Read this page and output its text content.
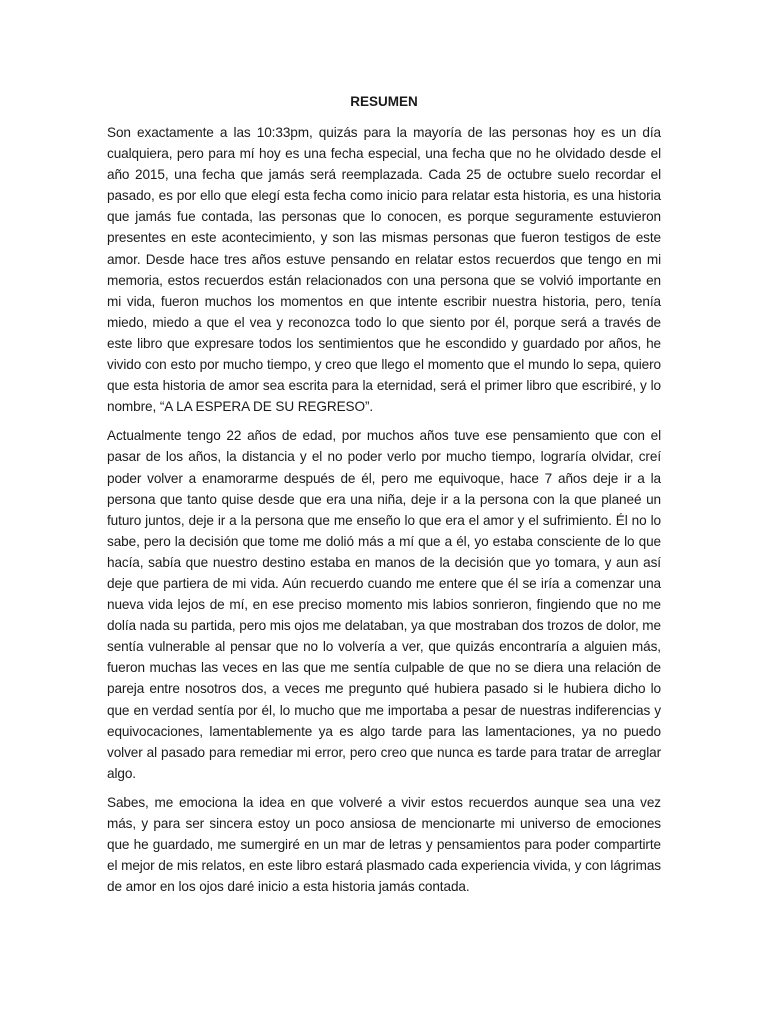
RESUMEN

Son exactamente a las 10:33pm, quizás para la mayoría de las personas hoy es un día cualquiera, pero para mí hoy es una fecha especial, una fecha que no he olvidado desde el año 2015, una fecha que jamás será reemplazada. Cada 25 de octubre suelo recordar el pasado, es por ello que elegí esta fecha como inicio para relatar esta historia, es una historia que jamás fue contada, las personas que lo conocen, es porque seguramente estuvieron presentes en este acontecimiento, y son las mismas personas que fueron testigos de este amor. Desde hace tres años estuve pensando en relatar estos recuerdos que tengo en mi memoria, estos recuerdos están relacionados con una persona que se volvió importante en mi vida, fueron muchos los momentos en que intente escribir nuestra historia, pero, tenía miedo, miedo a que el vea y reconozca todo lo que siento por él, porque será a través de este libro que expresare todos los sentimientos que he escondido y guardado por años, he vivido con esto por mucho tiempo, y creo que llego el momento que el mundo lo sepa, quiero que esta historia de amor sea escrita para la eternidad, será el primer libro que escribiré, y lo nombre, “A LA ESPERA DE SU REGRESO”.

Actualmente tengo 22 años de edad, por muchos años tuve ese pensamiento que con el pasar de los años, la distancia y el no poder verlo por mucho tiempo, lograría olvidar, creí poder volver a enamorarme después de él, pero me equivoque, hace 7 años deje ir a la persona que tanto quise desde que era una niña, deje ir a la persona con la que planeé un futuro juntos, deje ir a la persona que me enseño lo que era el amor y el sufrimiento. Él no lo sabe, pero la decisión que tome me dolió más a mí que a él, yo estaba consciente de lo que hacía, sabía que nuestro destino estaba en manos de la decisión que yo tomara, y aun así deje que partiera de mi vida. Aún recuerdo cuando me entere que él se iría a comenzar una nueva vida lejos de mí, en ese preciso momento mis labios sonrieron, fingiendo que no me dolía nada su partida, pero mis ojos me delataban, ya que mostraban dos trozos de dolor, me sentía vulnerable al pensar que no lo volvería a ver, que quizás encontraría a alguien más, fueron muchas las veces en las que me sentía culpable de que no se diera una relación de pareja entre nosotros dos, a veces me pregunto qué hubiera pasado si le hubiera dicho lo que en verdad sentía por él, lo mucho que me importaba a pesar de nuestras indiferencias y equivocaciones, lamentablemente ya es algo tarde para las lamentaciones, ya no puedo volver al pasado para remediar mi error, pero creo que nunca es tarde para tratar de arreglar algo.

Sabes, me emociona la idea en que volveré a vivir estos recuerdos aunque sea una vez más, y para ser sincera estoy un poco ansiosa de mencionarte mi universo de emociones que he guardado, me sumergiré en un mar de letras y pensamientos para poder compartirte el mejor de mis relatos, en este libro estará plasmado cada experiencia vivida, y con lágrimas de amor en los ojos daré inicio a esta historia jamás contada.
